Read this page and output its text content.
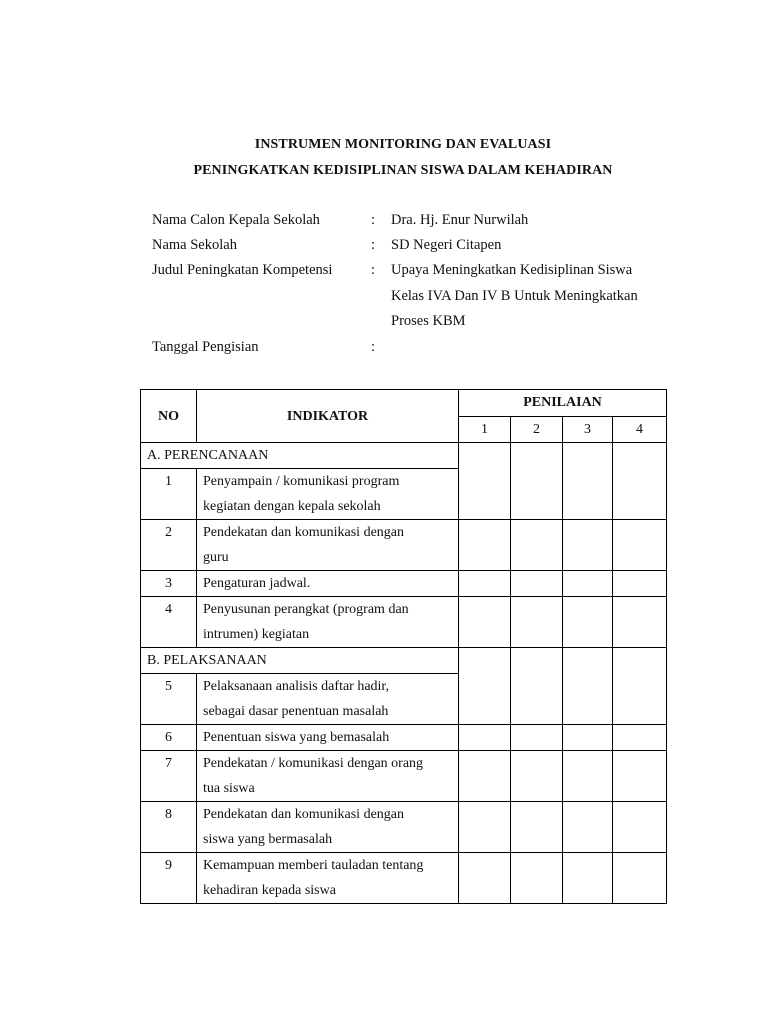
INSTRUMEN MONITORING DAN EVALUASI
PENINGKATKAN KEDISIPLINAN SISWA DALAM KEHADIRAN
Nama Calon Kepala Sekolah	: Dra. Hj. Enur Nurwilah
Nama Sekolah	: SD Negeri Citapen
Judul Peningkatan Kompetensi	: Upaya Meningkatkan Kedisiplinan Siswa
Kelas IVA Dan IV B Untuk Meningkatkan
Proses KBM
Tanggal Pengisian	:
NO	INDIKATOR	PENILAIAN			
		1	2	3	4
A. PERENCANAAN					
1	Penyampain / komunikasi program
kegiatan dengan kepala sekolah				

2	Pendekatan dan komunikasi dengan
guru				

3	Pengaturan jadwal.				

4	Penyusunan perangkat (program dan
intrumen) kegiatan				

B. PELAKSANAAN					
5	Pelaksanaan analisis daftar hadir,
sebagai dasar penentuan masalah				

6	Penentuan siswa yang bemasalah				

7	Pendekatan / komunikasi dengan orang
tua siswa				

8	Pendekatan dan komunikasi dengan
siswa yang bermasalah				

9	Kemampuan memberi tauladan tentang
kehadiran kepada siswa				
